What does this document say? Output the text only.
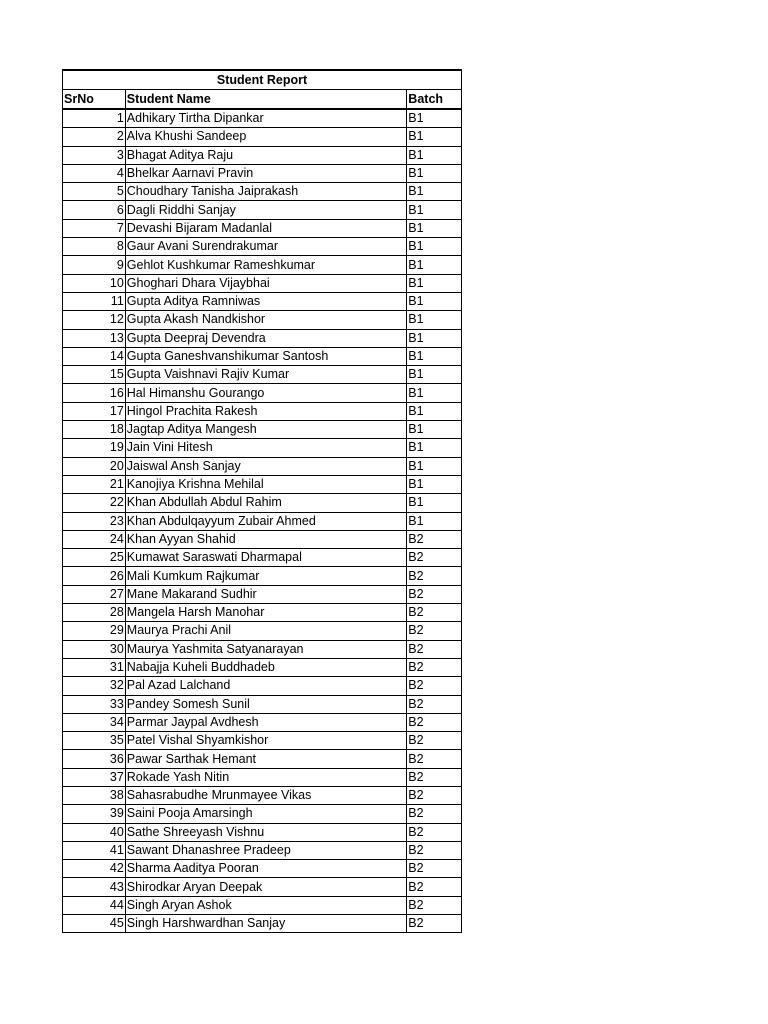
Student Report		
SrNo	Student Name	Batch
1	Adhikary Tirtha Dipankar	B1
2	Alva Khushi Sandeep	B1
3	Bhagat Aditya Raju	B1
4	Bhelkar Aarnavi Pravin	B1
5	Choudhary Tanisha Jaiprakash	B1
6	Dagli Riddhi Sanjay	B1
7	Devashi Bijaram Madanlal	B1
8	Gaur Avani Surendrakumar	B1
9	Gehlot Kushkumar Rameshkumar	B1
10	Ghoghari Dhara Vijaybhai	B1
11	Gupta Aditya Ramniwas	B1
12	Gupta Akash Nandkishor	B1
13	Gupta Deepraj Devendra	B1
14	Gupta Ganeshvanshikumar Santosh	B1
15	Gupta Vaishnavi Rajiv Kumar	B1
16	Hal Himanshu Gourango	B1
17	Hingol Prachita Rakesh	B1
18	Jagtap Aditya Mangesh	B1
19	Jain Vini Hitesh	B1
20	Jaiswal Ansh Sanjay	B1
21	Kanojiya Krishna Mehilal	B1
22	Khan Abdullah Abdul Rahim	B1
23	Khan Abdulqayyum Zubair Ahmed	B1
24	Khan Ayyan Shahid	B2
25	Kumawat Saraswati Dharmapal	B2
26	Mali Kumkum Rajkumar	B2
27	Mane Makarand Sudhir	B2
28	Mangela Harsh Manohar	B2
29	Maurya Prachi Anil	B2
30	Maurya Yashmita Satyanarayan	B2
31	Nabajja Kuheli Buddhadeb	B2
32	Pal Azad Lalchand	B2
33	Pandey Somesh Sunil	B2
34	Parmar Jaypal Avdhesh	B2
35	Patel Vishal Shyamkishor	B2
36	Pawar Sarthak Hemant	B2
37	Rokade Yash Nitin	B2
38	Sahasrabudhe Mrunmayee Vikas	B2
39	Saini Pooja Amarsingh	B2
40	Sathe Shreeyash Vishnu	B2
41	Sawant Dhanashree Pradeep	B2
42	Sharma Aaditya Pooran	B2
43	Shirodkar Aryan Deepak	B2
44	Singh Aryan Ashok	B2
45	Singh Harshwardhan Sanjay	B2
